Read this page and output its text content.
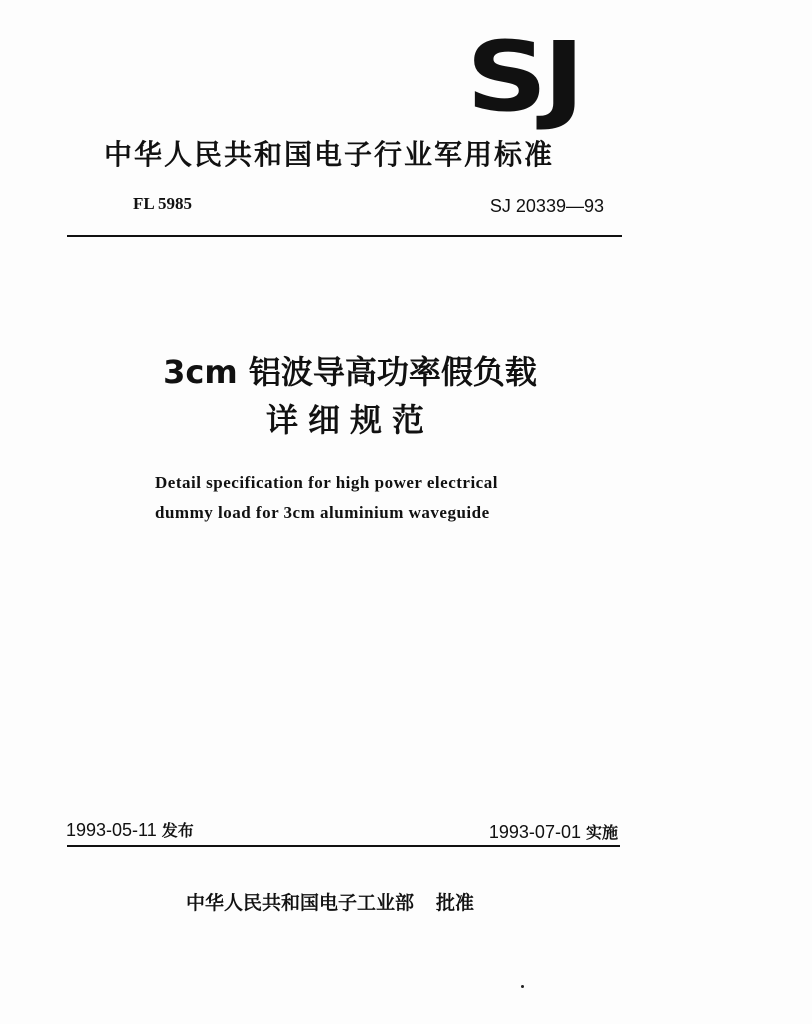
SJ
中华人民共和国电子行业军用标准
FL 5985	SJ 20339—93
3cm 铝波导高功率假负载
详细规范
Detail specification for high power electrical
dummy load for 3cm aluminium waveguide
1993-05-11 发布	1993-07-01 实施
中华人民共和国电子工业部 批准
